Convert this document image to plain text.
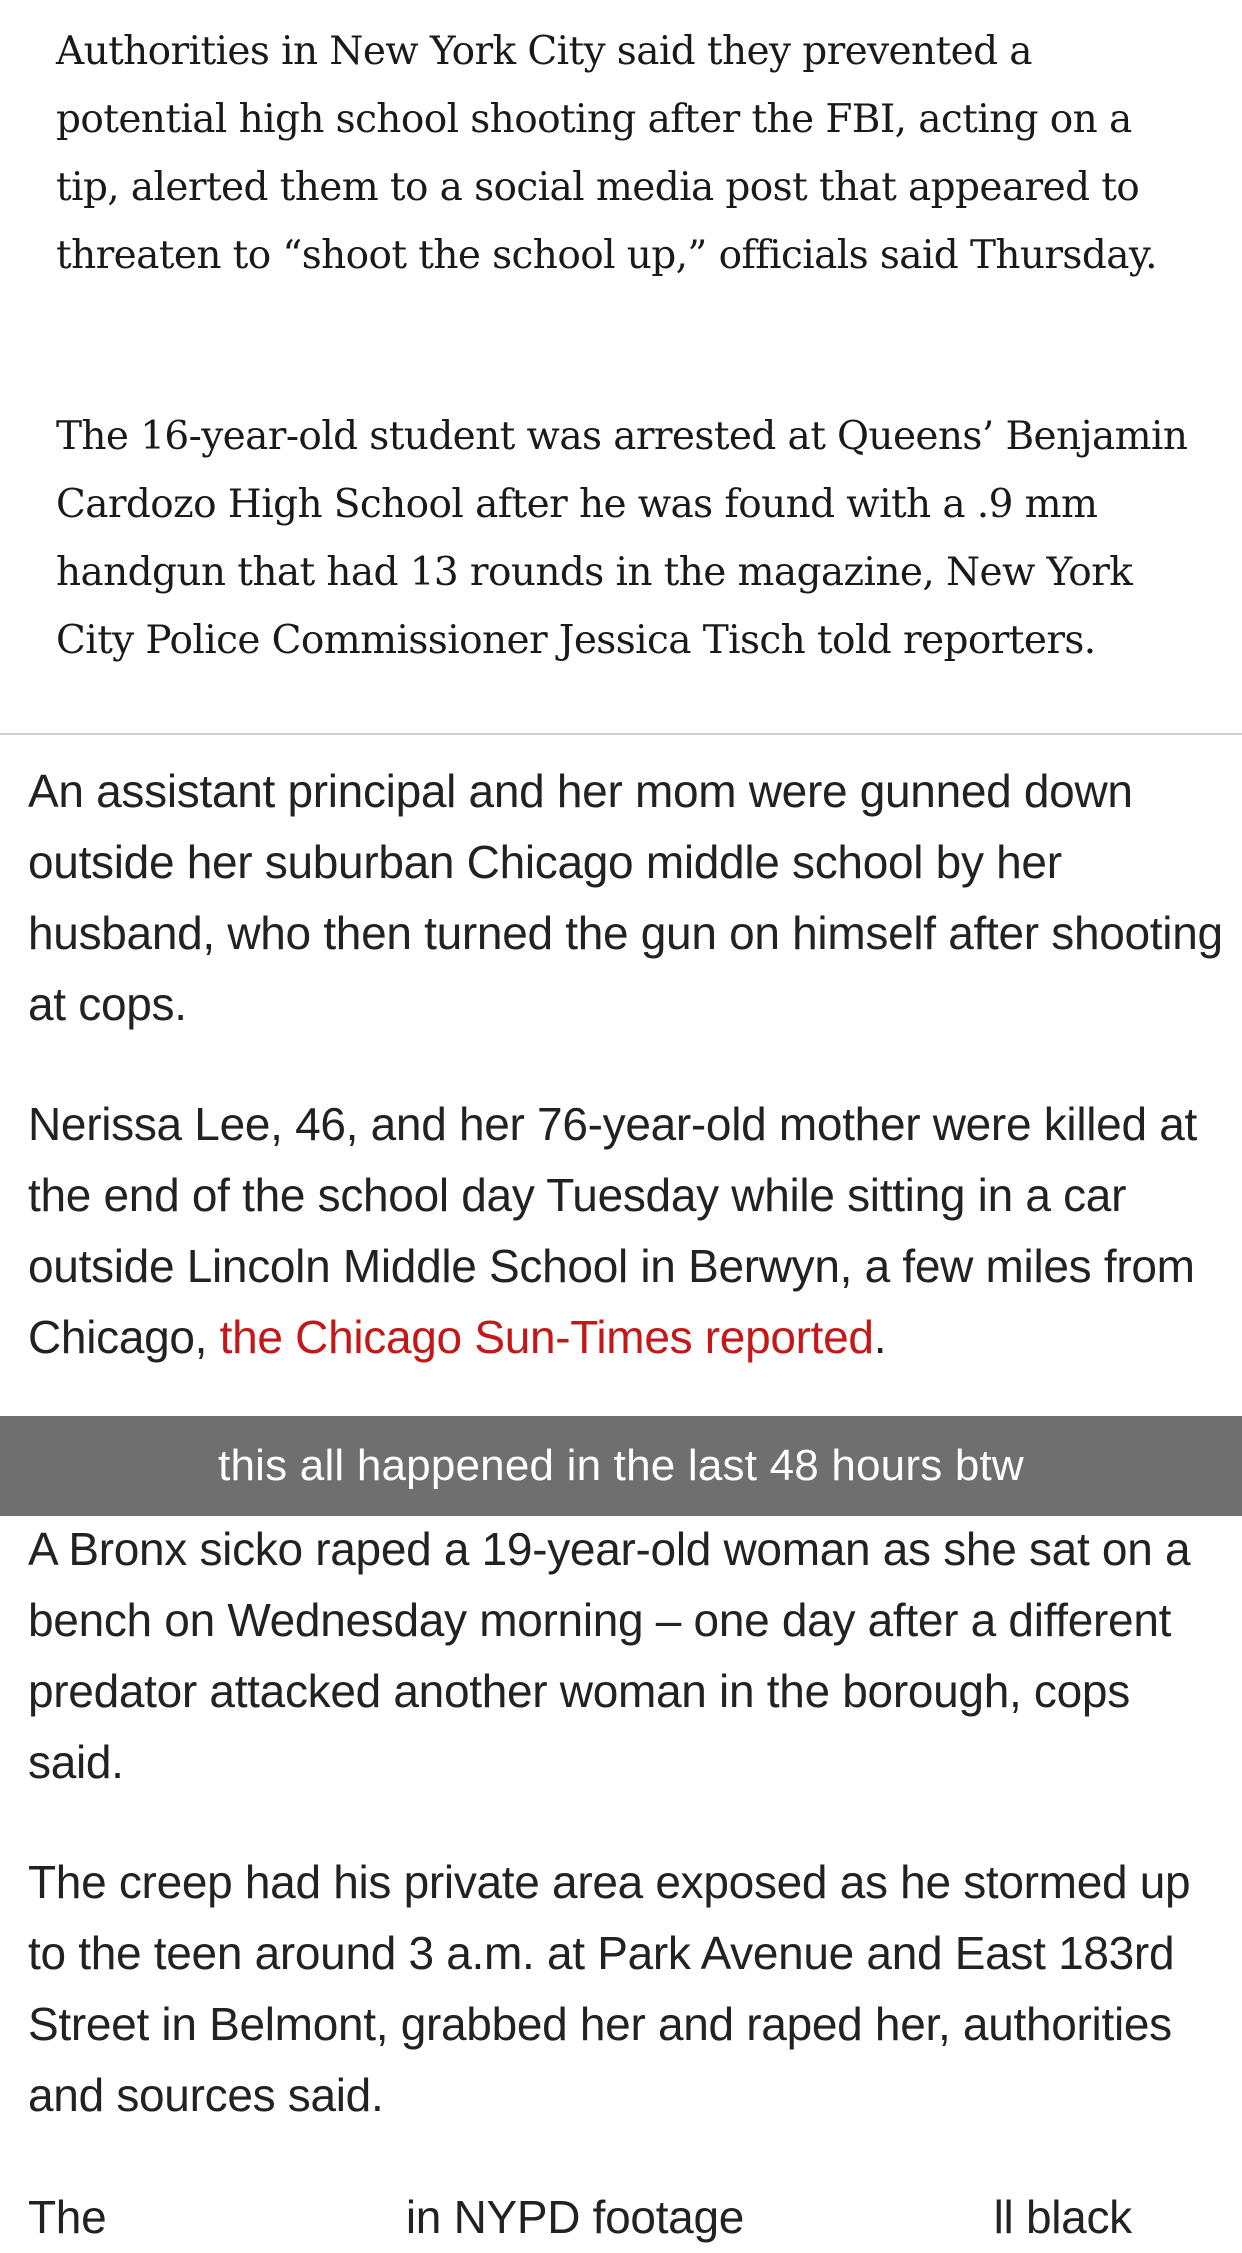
Authorities in New York City said they prevented a potential high school shooting after the FBI, acting on a tip, alerted them to a social media post that appeared to threaten to “shoot the school up,” officials said Thursday.

The 16-year-old student was arrested at Queens’ Benjamin Cardozo High School after he was found with a .9 mm handgun that had 13 rounds in the magazine, New York City Police Commissioner Jessica Tisch told reporters.

An assistant principal and her mom were gunned down outside her suburban Chicago middle school by her husband, who then turned the gun on himself after shooting at cops.

Nerissa Lee, 46, and her 76-year-old mother were killed at the end of the school day Tuesday while sitting in a car outside Lincoln Middle School in Berwyn, a few miles from Chicago, the Chicago Sun-Times reported.

A Bronx sicko raped a 19-year-old woman as she sat on a bench on Wednesday morning – one day after a different predator attacked another woman in the borough, cops said.

The creep had his private area exposed as he stormed up to the teen around 3 a.m. at Park Avenue and East 183rd Street in Belmont, grabbed her and raped her, authorities and sources said.

The                        in NYPD footage                    ll black

this all happened in the last 48 hours btw
